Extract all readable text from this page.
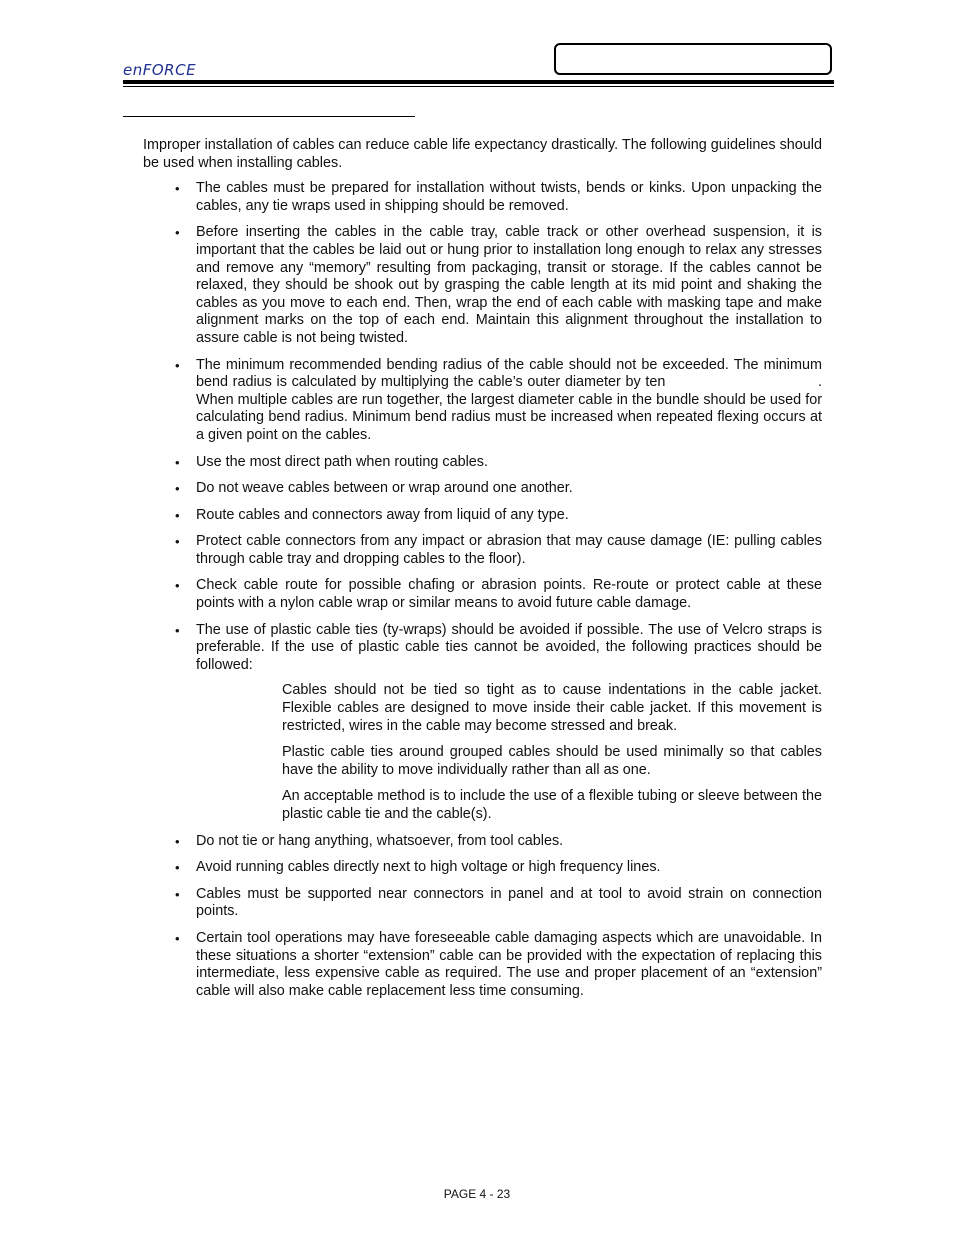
enFORCE

Improper installation of cables can reduce cable life expectancy drastically. The following guidelines should be used when installing cables.

• The cables must be prepared for installation without twists, bends or kinks. Upon unpacking the cables, any tie wraps used in shipping should be removed.
• Before inserting the cables in the cable tray, cable track or other overhead suspension, it is important that the cables be laid out or hung prior to installation long enough to relax any stresses and remove any “memory” resulting from packaging, transit or storage. If the cables cannot be relaxed, they should be shook out by grasping the cable length at its mid point and shaking the cables as you move to each end. Then, wrap the end of each cable with masking tape and make alignment marks on the top of each end. Maintain this alignment throughout the installation to assure cable is not being twisted.
• The minimum recommended bending radius of the cable should not be exceeded. The minimum bend radius is calculated by multiplying the cable’s outer diameter by ten	. When multiple cables are run together, the largest diameter cable in the bundle should be used for calculating bend radius. Minimum bend radius must be increased when repeated flexing occurs at a given point on the cables.
• Use the most direct path when routing cables.
• Do not weave cables between or wrap around one another.
• Route cables and connectors away from liquid of any type.
• Protect cable connectors from any impact or abrasion that may cause damage (IE: pulling cables through cable tray and dropping cables to the floor).
• Check cable route for possible chafing or abrasion points. Re-route or protect cable at these points with a nylon cable wrap or similar means to avoid future cable damage.
• The use of plastic cable ties (ty-wraps) should be avoided if possible. The use of Velcro straps is preferable. If the use of plastic cable ties cannot be avoided, the following practices should be followed:

Cables should not be tied so tight as to cause indentations in the cable jacket. Flexible cables are designed to move inside their cable jacket. If this movement is restricted, wires in the cable may become stressed and break.

Plastic cable ties around grouped cables should be used minimally so that cables have the ability to move individually rather than all as one.

An acceptable method is to include the use of a flexible tubing or sleeve between the plastic cable tie and the cable(s).

• Do not tie or hang anything, whatsoever, from tool cables.
• Avoid running cables directly next to high voltage or high frequency lines.
• Cables must be supported near connectors in panel and at tool to avoid strain on connection points.
• Certain tool operations may have foreseeable cable damaging aspects which are unavoidable. In these situations a shorter “extension” cable can be provided with the expectation of replacing this intermediate, less expensive cable as required. The use and proper placement of an “extension” cable will also make cable replacement less time consuming.
PAGE 4 - 23
